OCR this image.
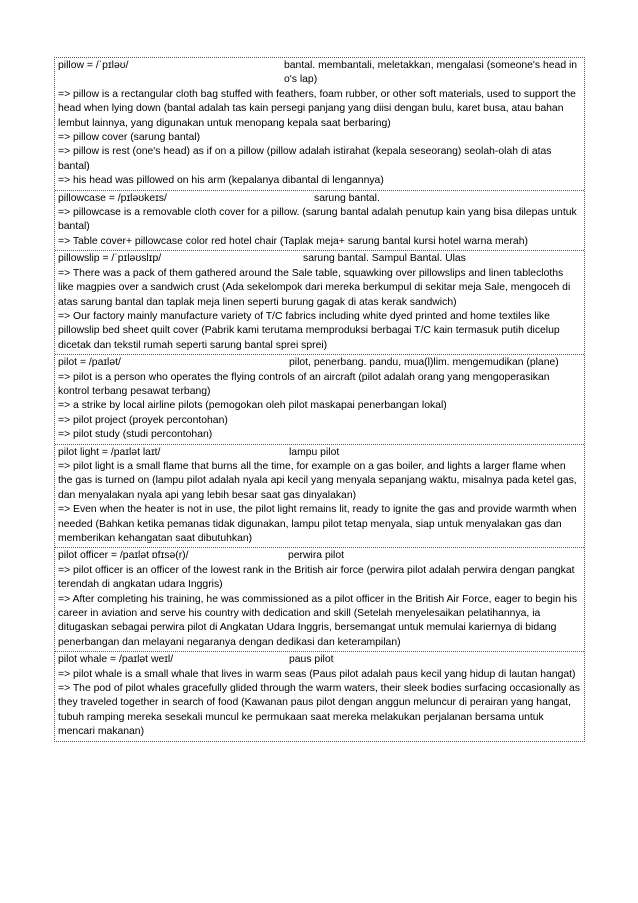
pillow = /ˈpɪləʊ/	bantal. membantali, meletakkan, mengalasi (someone's head in o's lap)

=> pillow is a rectangular cloth bag stuffed with feathers, foam rubber, or other soft materials, used to support the head when lying down (bantal adalah tas kain persegi panjang yang diisi dengan bulu, karet busa, atau bahan lembut lainnya, yang digunakan untuk menopang kepala saat berbaring)

=> pillow cover (sarung bantal)

=> pillow is rest (one's head) as if on a pillow (pillow adalah istirahat (kepala seseorang) seolah-olah di atas bantal)

=> his head was pillowed on his arm (kepalanya dibantal di lengannya)

pillowcase = /pɪləʊkeɪs/	sarung bantal.

=> pillowcase is a removable cloth cover for a pillow. (sarung bantal adalah penutup kain yang bisa dilepas untuk bantal)

=> Table cover+ pillowcase color red hotel chair (Taplak meja+ sarung bantal kursi hotel warna merah)

pillowslip = /ˈpɪləʊslɪp/	sarung bantal. Sampul Bantal. Ulas

=> There was a pack of them gathered around the Sale table, squawking over pillowslips and linen tablecloths like magpies over a sandwich crust (Ada sekelompok dari mereka berkumpul di sekitar meja Sale, mengoceh di atas sarung bantal dan taplak meja linen seperti burung gagak di atas kerak sandwich)

=> Our factory mainly manufacture variety of T/C fabrics including white dyed printed and home textiles like pillowslip bed sheet quilt cover (Pabrik kami terutama memproduksi berbagai T/C kain termasuk putih dicelup dicetak dan tekstil rumah seperti sarung bantal sprei sprei)

pilot = /paɪlət/	pilot, penerbang. pandu, mua(l)lim. mengemudikan (plane)

=> pilot is a person who operates the flying controls of an aircraft (pilot adalah orang yang mengoperasikan kontrol terbang pesawat terbang)

=> a strike by local airline pilots (pemogokan oleh pilot maskapai penerbangan lokal)

=> pilot project (proyek percontohan)

=> pilot study (studi percontohan)

pilot light = /paɪlət laɪt/	lampu pilot

=> pilot light is a small flame that burns all the time, for example on a gas boiler, and lights a larger flame when the gas is turned on (lampu pilot adalah nyala api kecil yang menyala sepanjang waktu, misalnya pada ketel gas, dan menyalakan nyala api yang lebih besar saat gas dinyalakan)

=> Even when the heater is not in use, the pilot light remains lit, ready to ignite the gas and provide warmth when needed (Bahkan ketika pemanas tidak digunakan, lampu pilot tetap menyala, siap untuk menyalakan gas dan memberikan kehangatan saat dibutuhkan)

pilot officer = /paɪlət ɒfɪsə(r)/	perwira pilot

=> pilot officer is an officer of the lowest rank in the British air force (perwira pilot adalah perwira dengan pangkat terendah di angkatan udara Inggris)

=> After completing his training, he was commissioned as a pilot officer in the British Air Force, eager to begin his career in aviation and serve his country with dedication and skill (Setelah menyelesaikan pelatihannya, ia ditugaskan sebagai perwira pilot di Angkatan Udara Inggris, bersemangat untuk memulai kariernya di bidang penerbangan dan melayani negaranya dengan dedikasi dan keterampilan)

pilot whale = /paɪlət weɪl/	paus pilot

=> pilot whale is a small whale that lives in warm seas (Paus pilot adalah paus kecil yang hidup di lautan hangat)

=> The pod of pilot whales gracefully glided through the warm waters, their sleek bodies surfacing occasionally as they traveled together in search of food (Kawanan paus pilot dengan anggun meluncur di perairan yang hangat, tubuh ramping mereka sesekali muncul ke permukaan saat mereka melakukan perjalanan bersama untuk mencari makanan)
